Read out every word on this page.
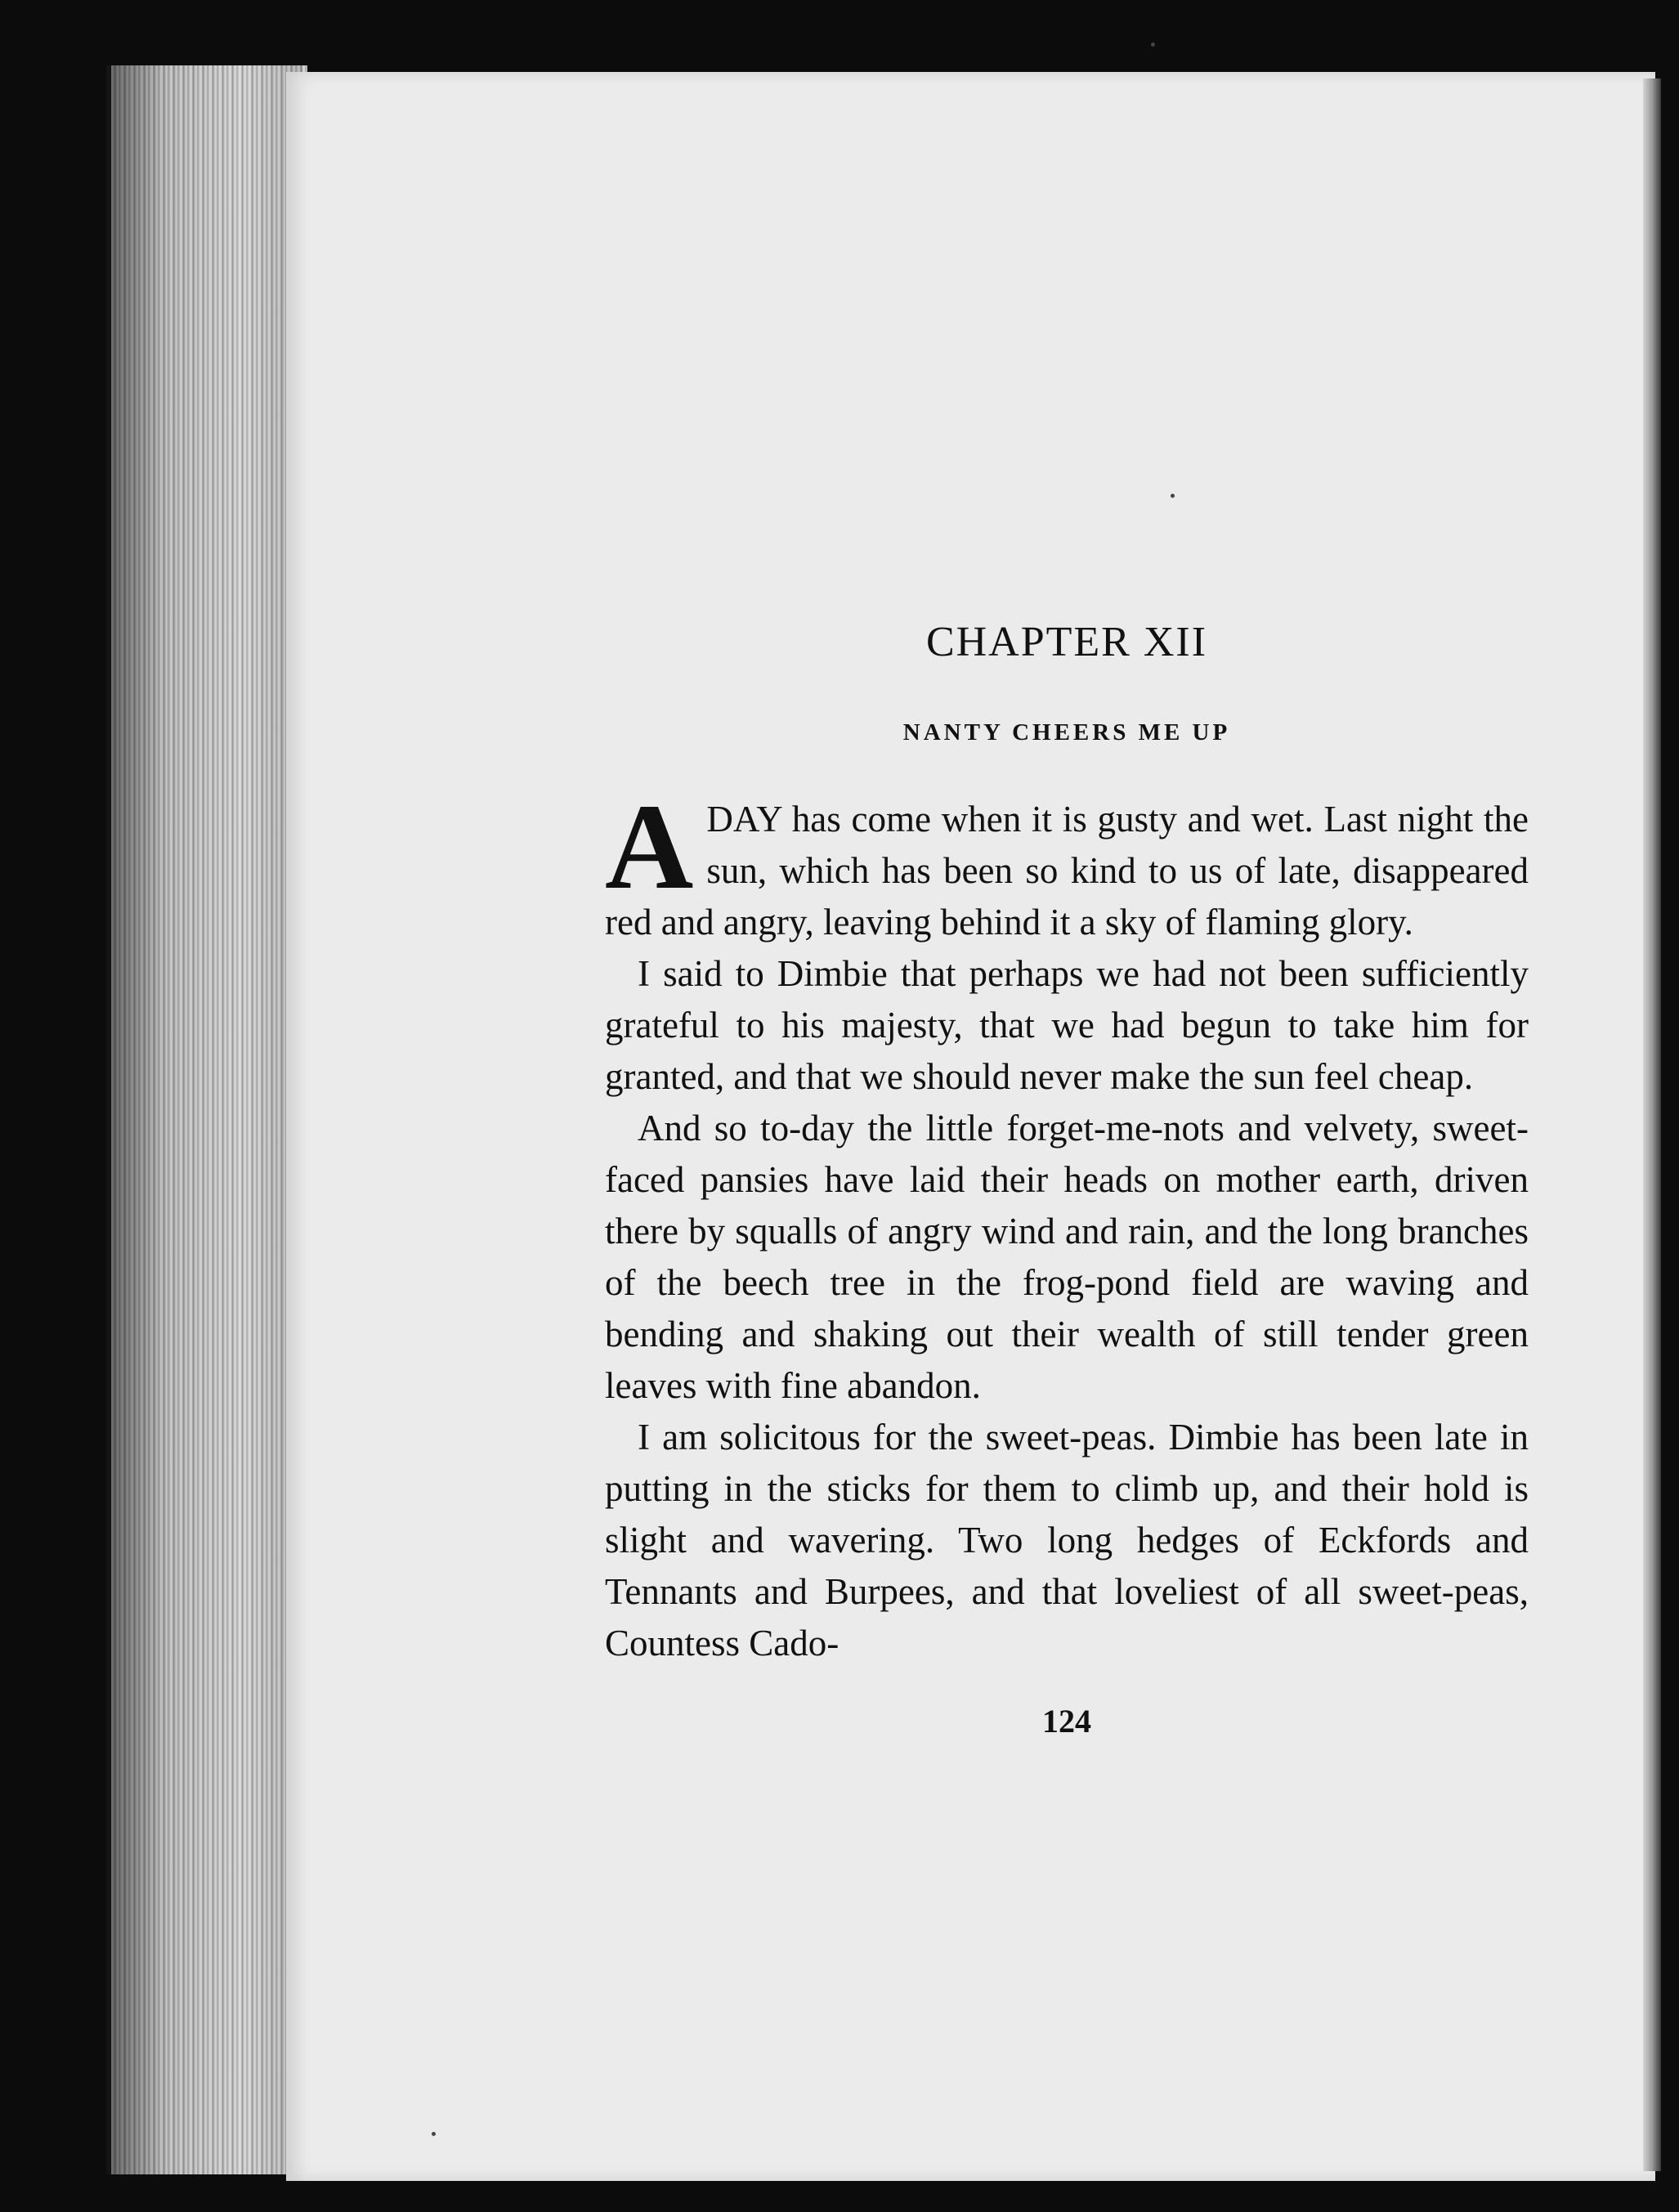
CHAPTER XII
NANTY CHEERS ME UP

ADAY has come when it is gusty and wet. Last night the sun, which has been so kind to us of late, disappeared red and angry, leaving behind it a sky of flaming glory.

I said to Dimbie that perhaps we had not been sufficiently grateful to his majesty, that we had begun to take him for granted, and that we should never make the sun feel cheap.

And so to-day the little forget-me-nots and velvety, sweet-faced pansies have laid their heads on mother earth, driven there by squalls of angry wind and rain, and the long branches of the beech tree in the frog-pond field are waving and bending and shaking out their wealth of still tender green leaves with fine abandon.

I am solicitous for the sweet-peas. Dimbie has been late in putting in the sticks for them to climb up, and their hold is slight and wavering. Two long hedges of Eckfords and Tennants and Burpees, and that loveliest of all sweet-peas, Countess Cado-

124
